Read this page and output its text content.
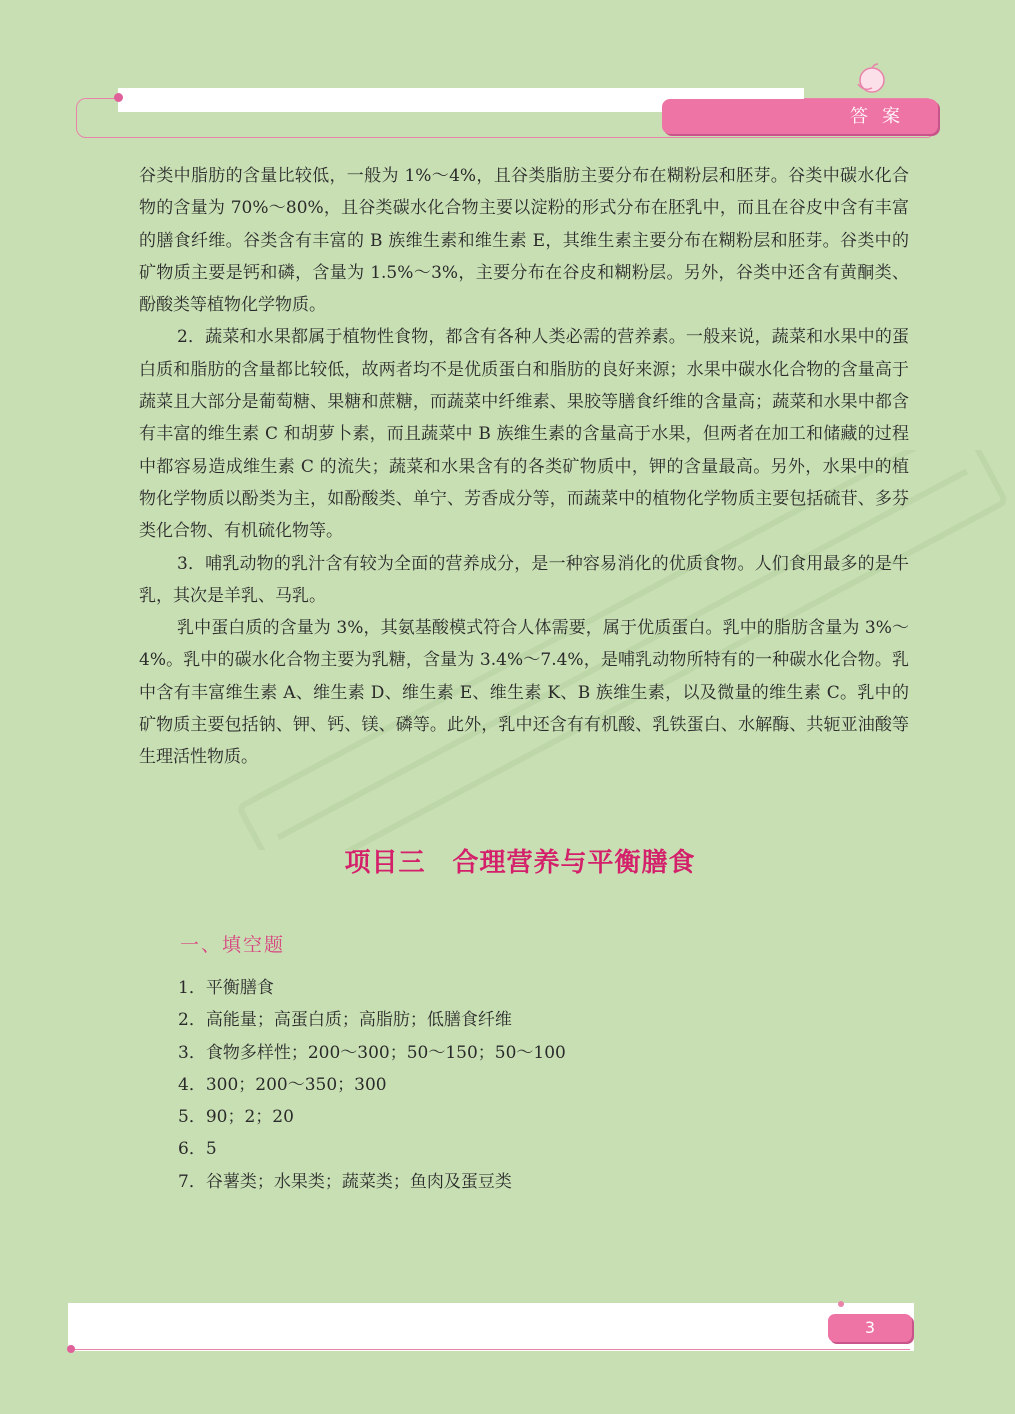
答案

谷类中脂肪的含量比较低，一般为 1%～4%，且谷类脂肪主要分布在糊粉层和胚芽。谷类中碳水化合物的含量为 70%～80%，且谷类碳水化合物主要以淀粉的形式分布在胚乳中，而且在谷皮中含有丰富的膳食纤维。谷类含有丰富的 B 族维生素和维生素 E，其维生素主要分布在糊粉层和胚芽。谷类中的矿物质主要是钙和磷，含量为 1.5%～3%，主要分布在谷皮和糊粉层。另外，谷类中还含有黄酮类、酚酸类等植物化学物质。

2．蔬菜和水果都属于植物性食物，都含有各种人类必需的营养素。一般来说，蔬菜和水果中的蛋白质和脂肪的含量都比较低，故两者均不是优质蛋白和脂肪的良好来源；水果中碳水化合物的含量高于蔬菜且大部分是葡萄糖、果糖和蔗糖，而蔬菜中纤维素、果胶等膳食纤维的含量高；蔬菜和水果中都含有丰富的维生素 C 和胡萝卜素，而且蔬菜中 B 族维生素的含量高于水果，但两者在加工和储藏的过程中都容易造成维生素 C 的流失；蔬菜和水果含有的各类矿物质中，钾的含量最高。另外，水果中的植物化学物质以酚类为主，如酚酸类、单宁、芳香成分等，而蔬菜中的植物化学物质主要包括硫苷、多芬类化合物、有机硫化物等。

3．哺乳动物的乳汁含有较为全面的营养成分，是一种容易消化的优质食物。人们食用最多的是牛乳，其次是羊乳、马乳。

乳中蛋白质的含量为 3%，其氨基酸模式符合人体需要，属于优质蛋白。乳中的脂肪含量为 3%～4%。乳中的碳水化合物主要为乳糖，含量为 3.4%～7.4%，是哺乳动物所特有的一种碳水化合物。乳中含有丰富维生素 A、维生素 D、维生素 E、维生素 K、B 族维生素，以及微量的维生素 C。乳中的矿物质主要包括钠、钾、钙、镁、磷等。此外，乳中还含有有机酸、乳铁蛋白、水解酶、共轭亚油酸等生理活性物质。

项目三　合理营养与平衡膳食
一、填空题
1．平衡膳食
2．高能量；高蛋白质；高脂肪；低膳食纤维
3．食物多样性；200～300；50～150；50～100
4．300；200～350；300
5．90；2；20
6．5
7．谷薯类；水果类；蔬菜类；鱼肉及蛋豆类
3
